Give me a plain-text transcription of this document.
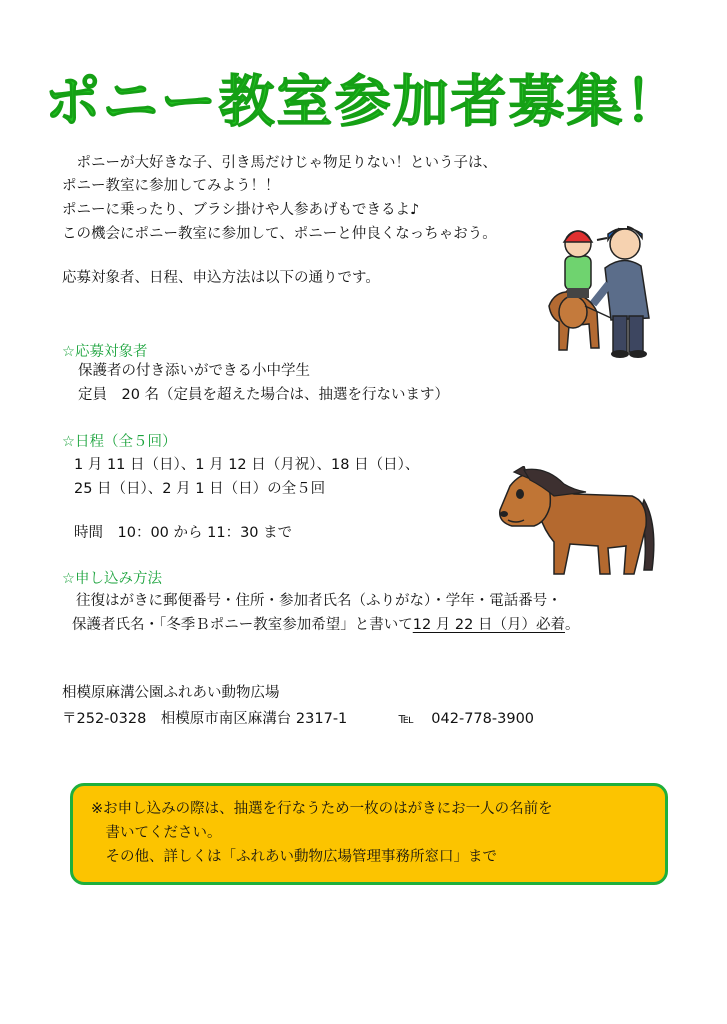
ポニー教室参加者募集！
　ポニーが大好きな子、引き馬だけじゃ物足りない！という子は、
ポニー教室に参加してみよう！！
ポニーに乗ったり、ブラシ掛けや人参あげもできるよ♪
この機会にポニー教室に参加して、ポニーと仲良くなっちゃおう。
応募対象者、日程、申込方法は以下の通りです。
☆応募対象者
保護者の付き添いができる小中学生
定員　20 名（定員を超えた場合は、抽選を行ないます）
☆日程（全５回）
1 月 11 日（日）、1 月 12 日（月祝）、18 日（日）、
25 日（日）、2 月 1 日（日）の全５回
時間　10：00 から 11：30 まで
☆申し込み方法
往復はがきに郵便番号・住所・参加者氏名（ふりがな）・学年・電話番号・
保護者氏名・「冬季Ｂポニー教室参加希望」と書いて12 月 22 日（月）必着。
相模原麻溝公園ふれあい動物広場
〒252-0328　相模原市南区麻溝台 2317-1	℡ 042-778-3900
※お申し込みの際は、抽選を行なうため一枚のはがきにお一人の名前を
　書いてください。
　その他、詳しくは「ふれあい動物広場管理事務所窓口」まで
